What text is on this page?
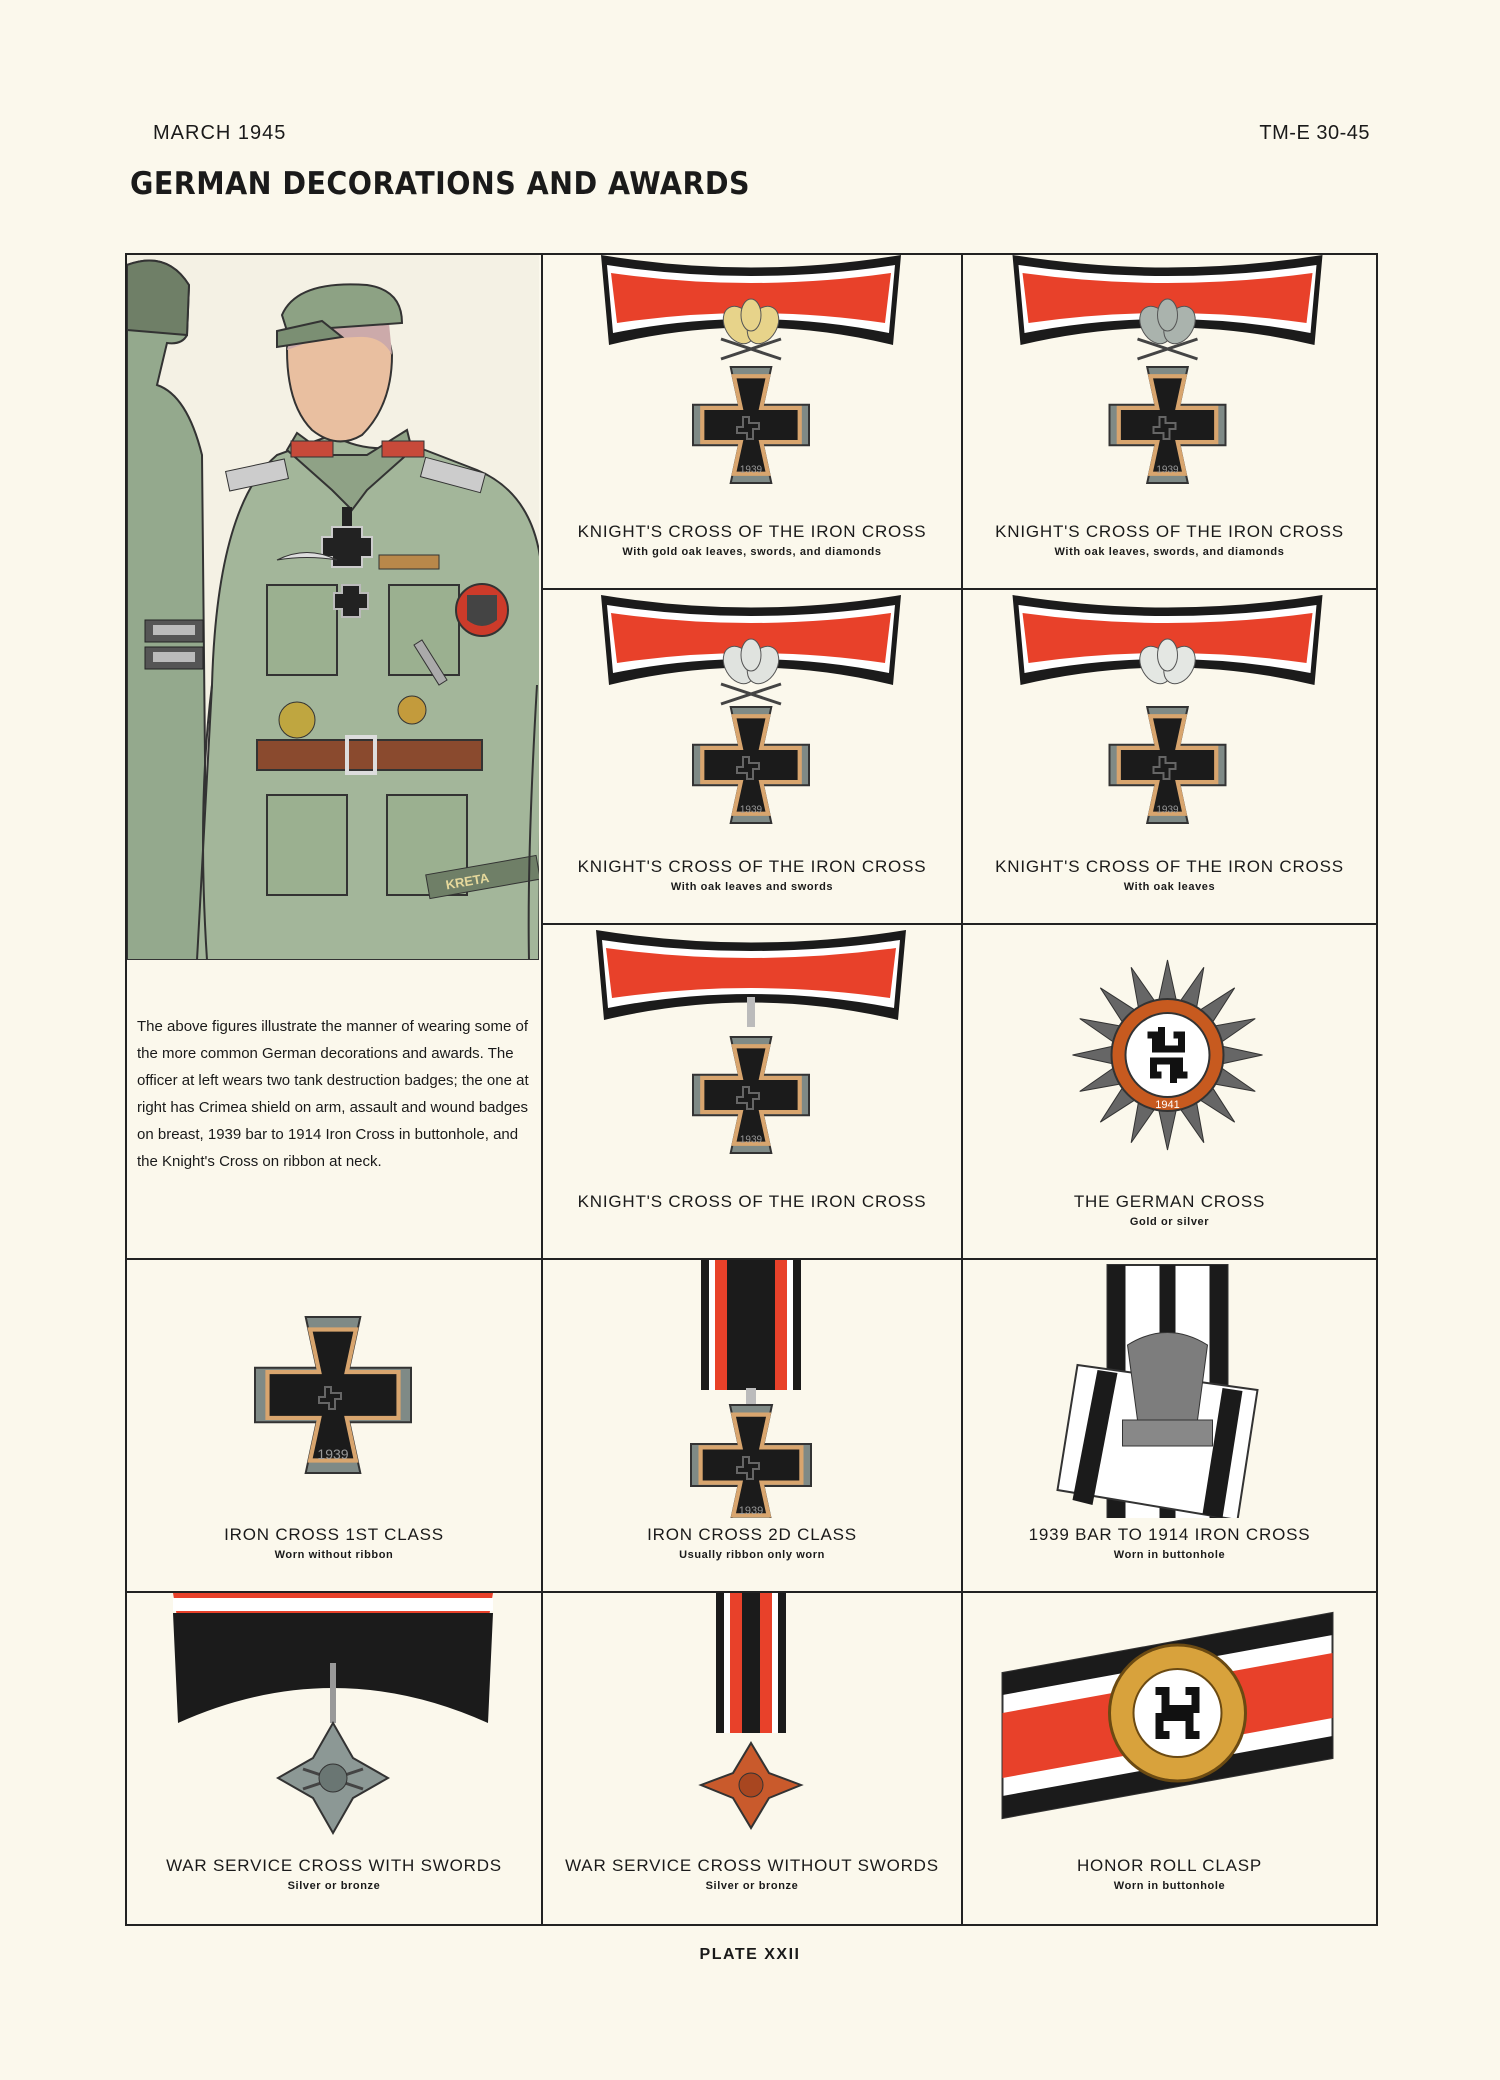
MARCH 1945	TM-E 30-45
GERMAN DECORATIONS AND AWARDS
KRETA
The above figures illustrate the manner of wearing some of the more common German decorations and awards. The officer at left wears two tank destruction badges; the one at right has Crimea shield on arm, assault and wound badges on breast, 1939 bar to 1914 Iron Cross in buttonhole, and the Knight's Cross on ribbon at neck.
1939
KNIGHT'S CROSS OF THE IRON CROSS
With gold oak leaves, swords, and diamonds
1939
KNIGHT'S CROSS OF THE IRON CROSS
With oak leaves, swords, and diamonds
1939
KNIGHT'S CROSS OF THE IRON CROSS
With oak leaves and swords
1939
KNIGHT'S CROSS OF THE IRON CROSS
With oak leaves
1939
KNIGHT'S CROSS OF THE IRON CROSS
1941
THE GERMAN CROSS
Gold or silver
1939
IRON CROSS 1ST CLASS
Worn without ribbon
1939
IRON CROSS 2D CLASS
Usually ribbon only worn
1939 BAR TO 1914 IRON CROSS
Worn in buttonhole
WAR SERVICE CROSS WITH SWORDS
Silver or bronze
WAR SERVICE CROSS WITHOUT SWORDS
Silver or bronze
HONOR ROLL CLASP
Worn in buttonhole
PLATE XXII
